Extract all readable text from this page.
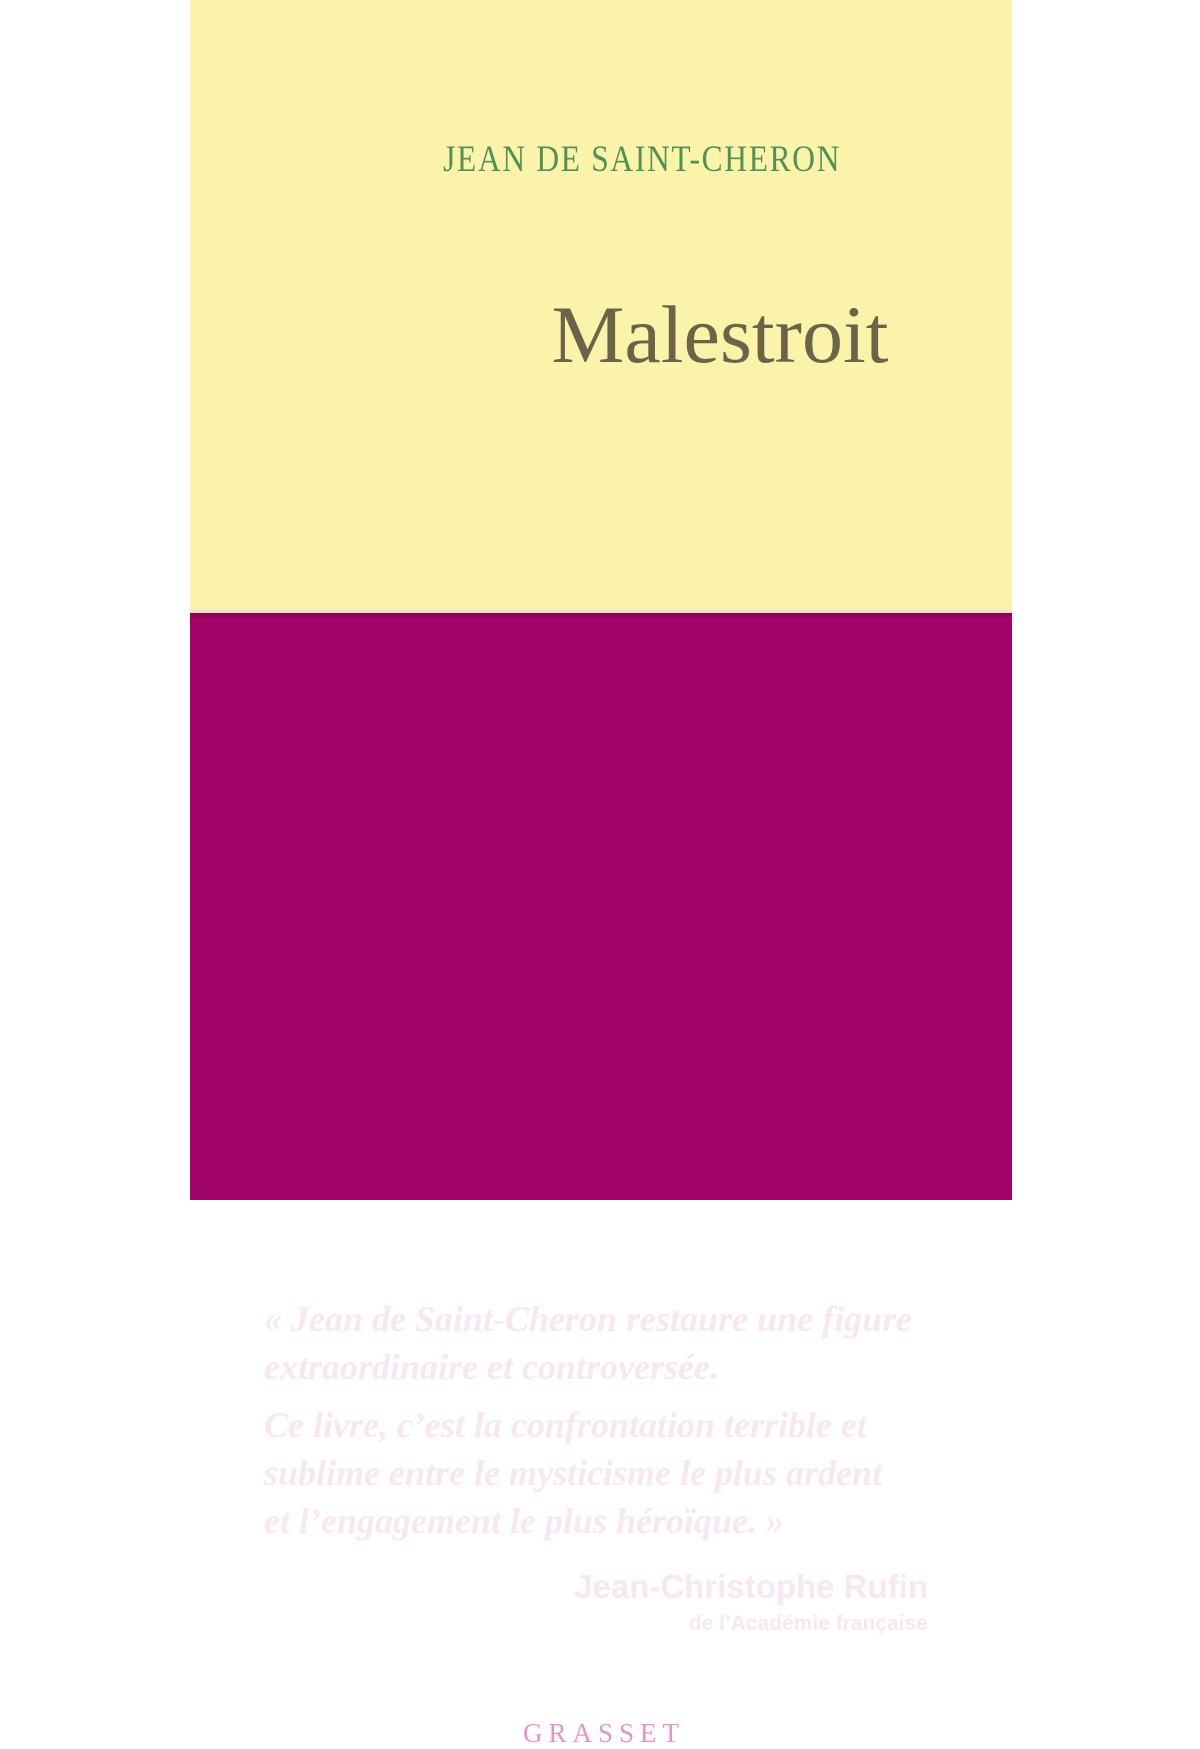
JEAN DE SAINT-CHERON
Malestroit

« Jean de Saint-Cheron restaure une figure
extraordinaire et controversée.

Ce livre, c’est la confrontation terrible et
sublime entre le mysticisme le plus ardent
et l’engagement le plus héroïque. »

Jean-Christophe Rufin
de l’Académie française
GRASSET
